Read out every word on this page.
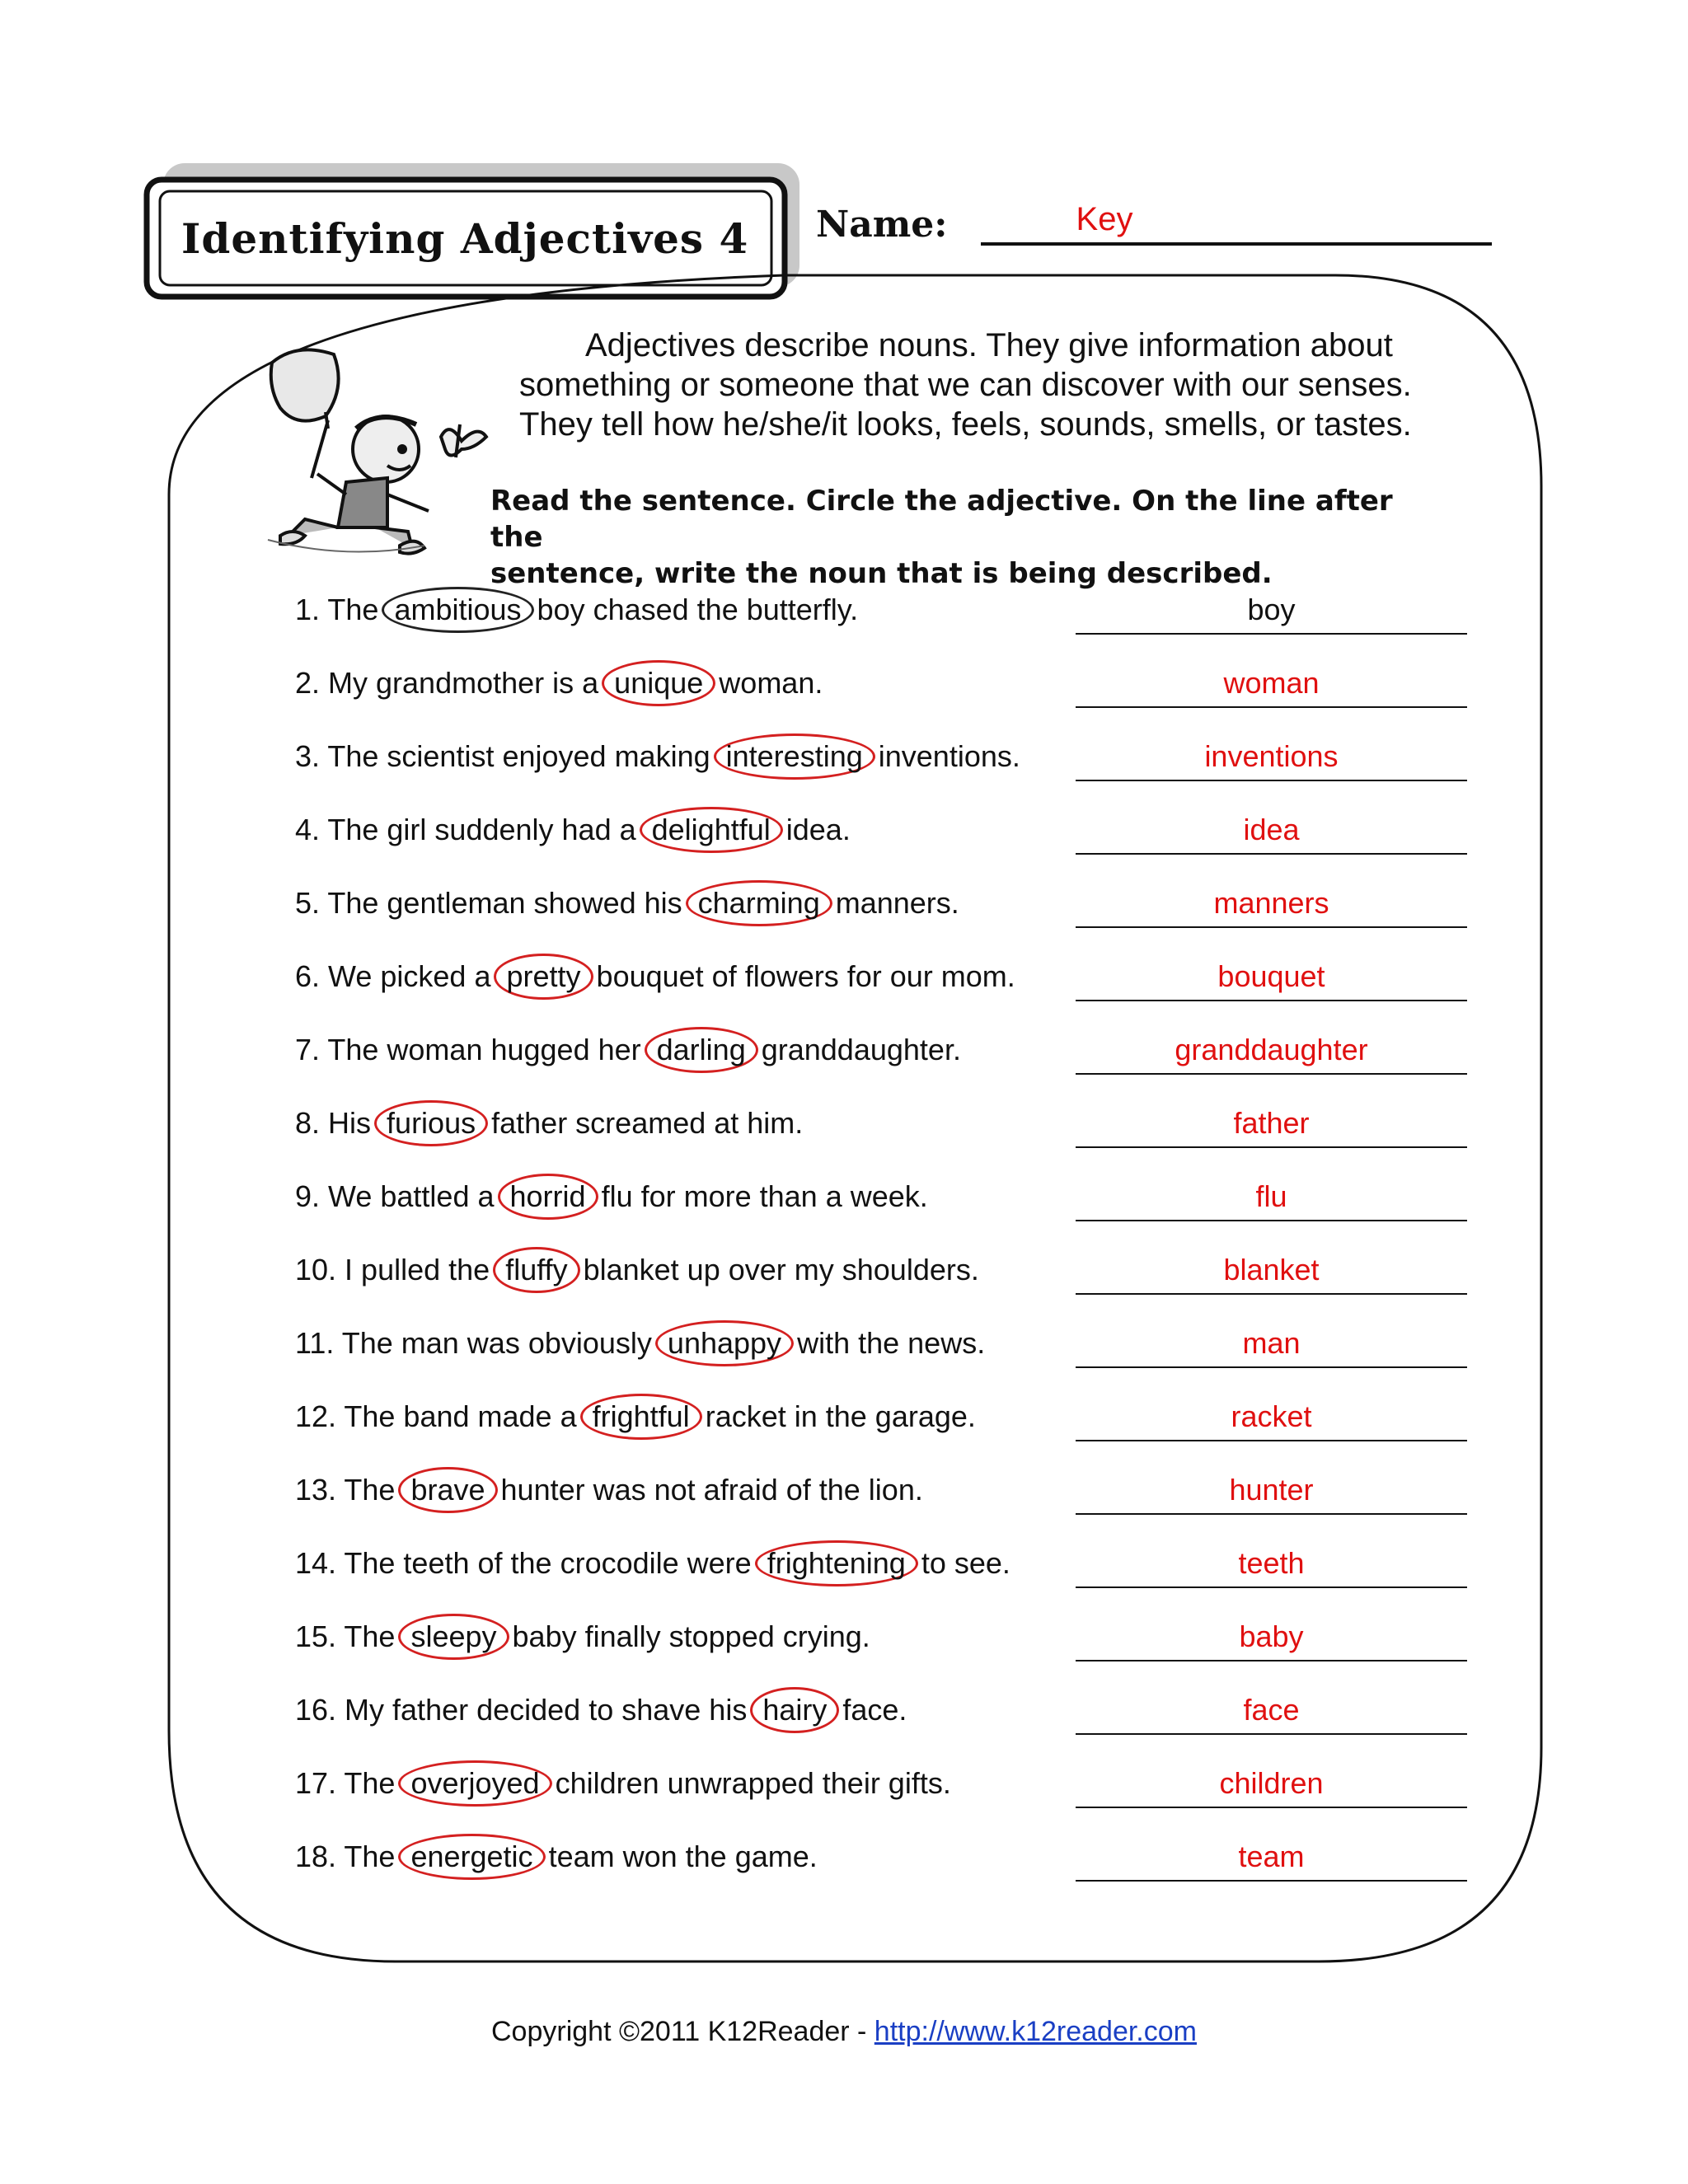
Identifying Adjectives 4 Name:	Key

Adjectives describe nouns. They give information about

something or someone that we can discover with our senses.

They tell how he/she/it looks, feels, sounds, smells, or tastes.

Read the sentence. Circle the adjective. On the line after the

sentence, write the noun that is being described.

1. The ambitious boy chased the butterfly.	boy
2. My grandmother is a unique woman.	woman
3. The scientist enjoyed making interesting inventions.	inventions
4. The girl suddenly had a delightful idea.	idea
5. The gentleman showed his charming manners.	manners
6. We picked a pretty bouquet of flowers for our mom.	bouquet
7. The woman hugged her darling granddaughter.	granddaughter
8. His furious father screamed at him.	father
9. We battled a horrid flu for more than a week.	flu
10. I pulled the fluffy blanket up over my shoulders.	blanket
11. The man was obviously unhappy with the news.	man
12. The band made a frightful racket in the garage.	racket
13. The brave hunter was not afraid of the lion.	hunter
14. The teeth of the crocodile were frightening to see.	teeth
15. The sleepy baby finally stopped crying.	baby
16. My father decided to shave his hairy face.	face
17. The overjoyed children unwrapped their gifts.	children
18. The energetic team won the game.	team
Copyright ©2011 K12Reader - http://www.k12reader.com
